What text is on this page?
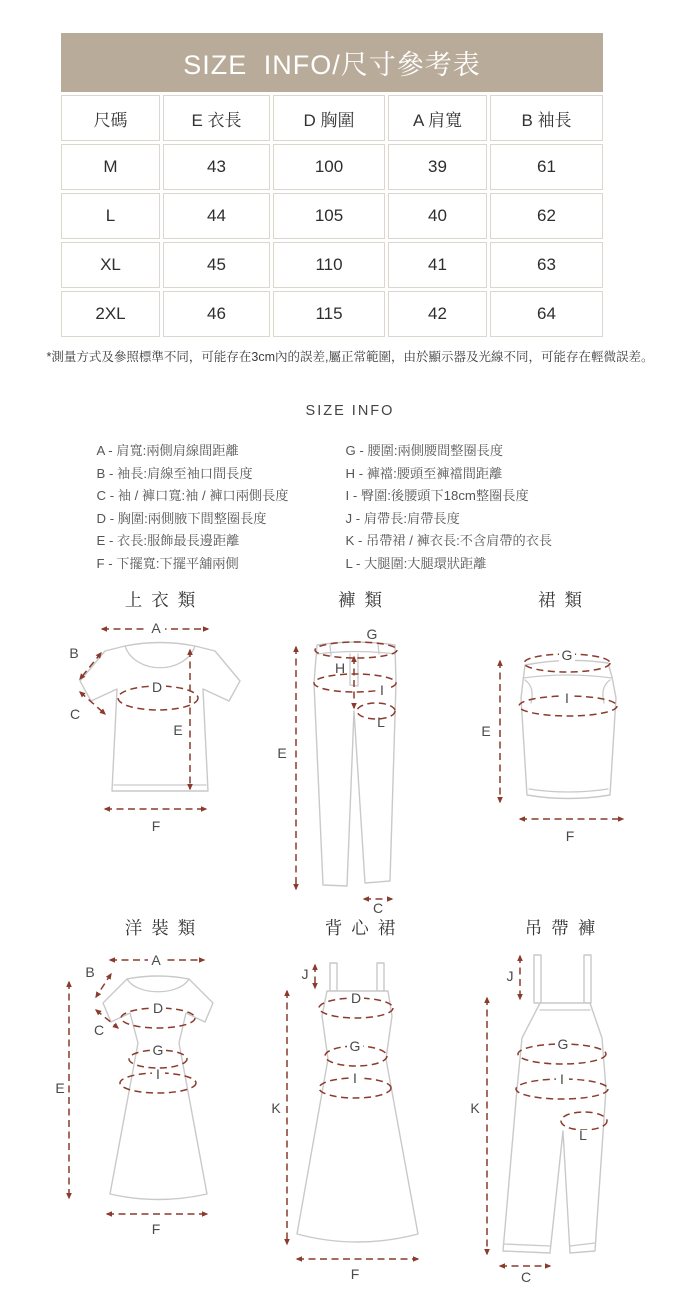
SIZE INFO/尺寸參考表
尺碼	E 衣長	D 胸圍	A 肩寬	B 袖長
M	43	100	39	61
L	44	105	40	62
XL	45	110	41	63
2XL	46	115	42	64
*測量方式及參照標準不同，可能存在3cm內的誤差,屬正常範圍，由於顯示器及光線不同，可能存在輕微誤差。
SIZE INFO
A - 肩寬:兩側肩線間距離
B - 袖長:肩線至袖口間長度
C - 袖 / 褲口寬:袖 / 褲口兩側長度
D - 胸圍:兩側腋下間整圈長度
E - 衣長:服飾最長邊距離
F - 下擺寬:下擺平舖兩側
G - 腰圍:兩側腰間整圈長度
H - 褲襠:腰頭至褲襠間距離
I - 臀圍:後腰頭下18cm整圈長度
J - 肩帶長:肩帶長度
K - 吊帶裙 / 褲衣長:不含肩帶的衣長
L - 大腿圍:大腿環狀距離
上衣類
A
B
C
D
E
F
褲類
G
H
I
L
E
C
裙類
G
I
E
F
洋裝類
A
B
C
D
G
I
E
F
背心裙
J
D
G
I
K
F
吊帶褲
J
G
I
L
K
C
